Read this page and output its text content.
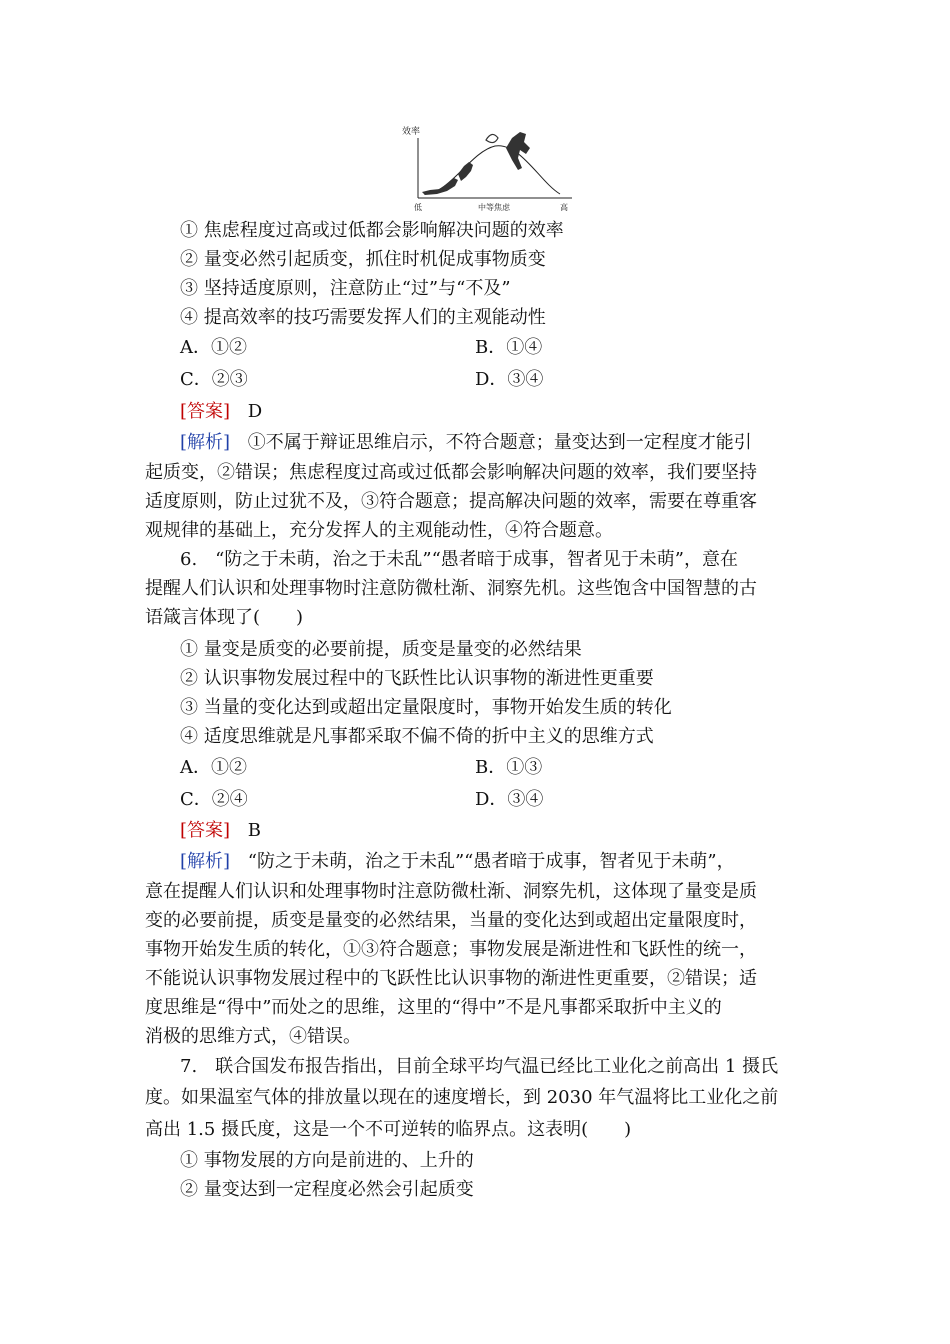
效率
低	中等焦虑	高
① 焦虑程度过高或过低都会影响解决问题的效率
② 量变必然引起质变，抓住时机促成事物质变
③ 坚持适度原则，注意防止“过”与“不及”
④ 提高效率的技巧需要发挥人们的主观能动性
A．①②	B．①④
C．②③	D．③④
[答案] D
[解析] ①不属于辩证思维启示，不符合题意；量变达到一定程度才能引
起质变，②错误；焦虑程度过高或过低都会影响解决问题的效率，我们要坚持
适度原则，防止过犹不及，③符合题意；提高解决问题的效率，需要在尊重客
观规律的基础上，充分发挥人的主观能动性，④符合题意。
6.　“防之于未萌，治之于未乱”“愚者暗于成事，智者见于未萌”，意在
提醒人们认识和处理事物时注意防微杜渐、洞察先机。这些饱含中国智慧的古
语箴言体现了(　　)
① 量变是质变的必要前提，质变是量变的必然结果
② 认识事物发展过程中的飞跃性比认识事物的渐进性更重要
③ 当量的变化达到或超出定量限度时，事物开始发生质的转化
④ 适度思维就是凡事都采取不偏不倚的折中主义的思维方式
A．①②	B．①③
C．②④	D．③④
[答案] B
[解析] “防之于未萌，治之于未乱”“愚者暗于成事，智者见于未萌”，
意在提醒人们认识和处理事物时注意防微杜渐、洞察先机，这体现了量变是质
变的必要前提，质变是量变的必然结果，当量的变化达到或超出定量限度时，
事物开始发生质的转化，①③符合题意；事物发展是渐进性和飞跃性的统一，
不能说认识事物发展过程中的飞跃性比认识事物的渐进性更重要，②错误；适
度思维是“得中”而处之的思维，这里的“得中”不是凡事都采取折中主义的
消极的思维方式，④错误。
7.　联合国发布报告指出，目前全球平均气温已经比工业化之前高出 1 摄氏
度。如果温室气体的排放量以现在的速度增长，到 2030 年气温将比工业化之前
高出 1.5 摄氏度，这是一个不可逆转的临界点。这表明(　　)
① 事物发展的方向是前进的、上升的
② 量变达到一定程度必然会引起质变
